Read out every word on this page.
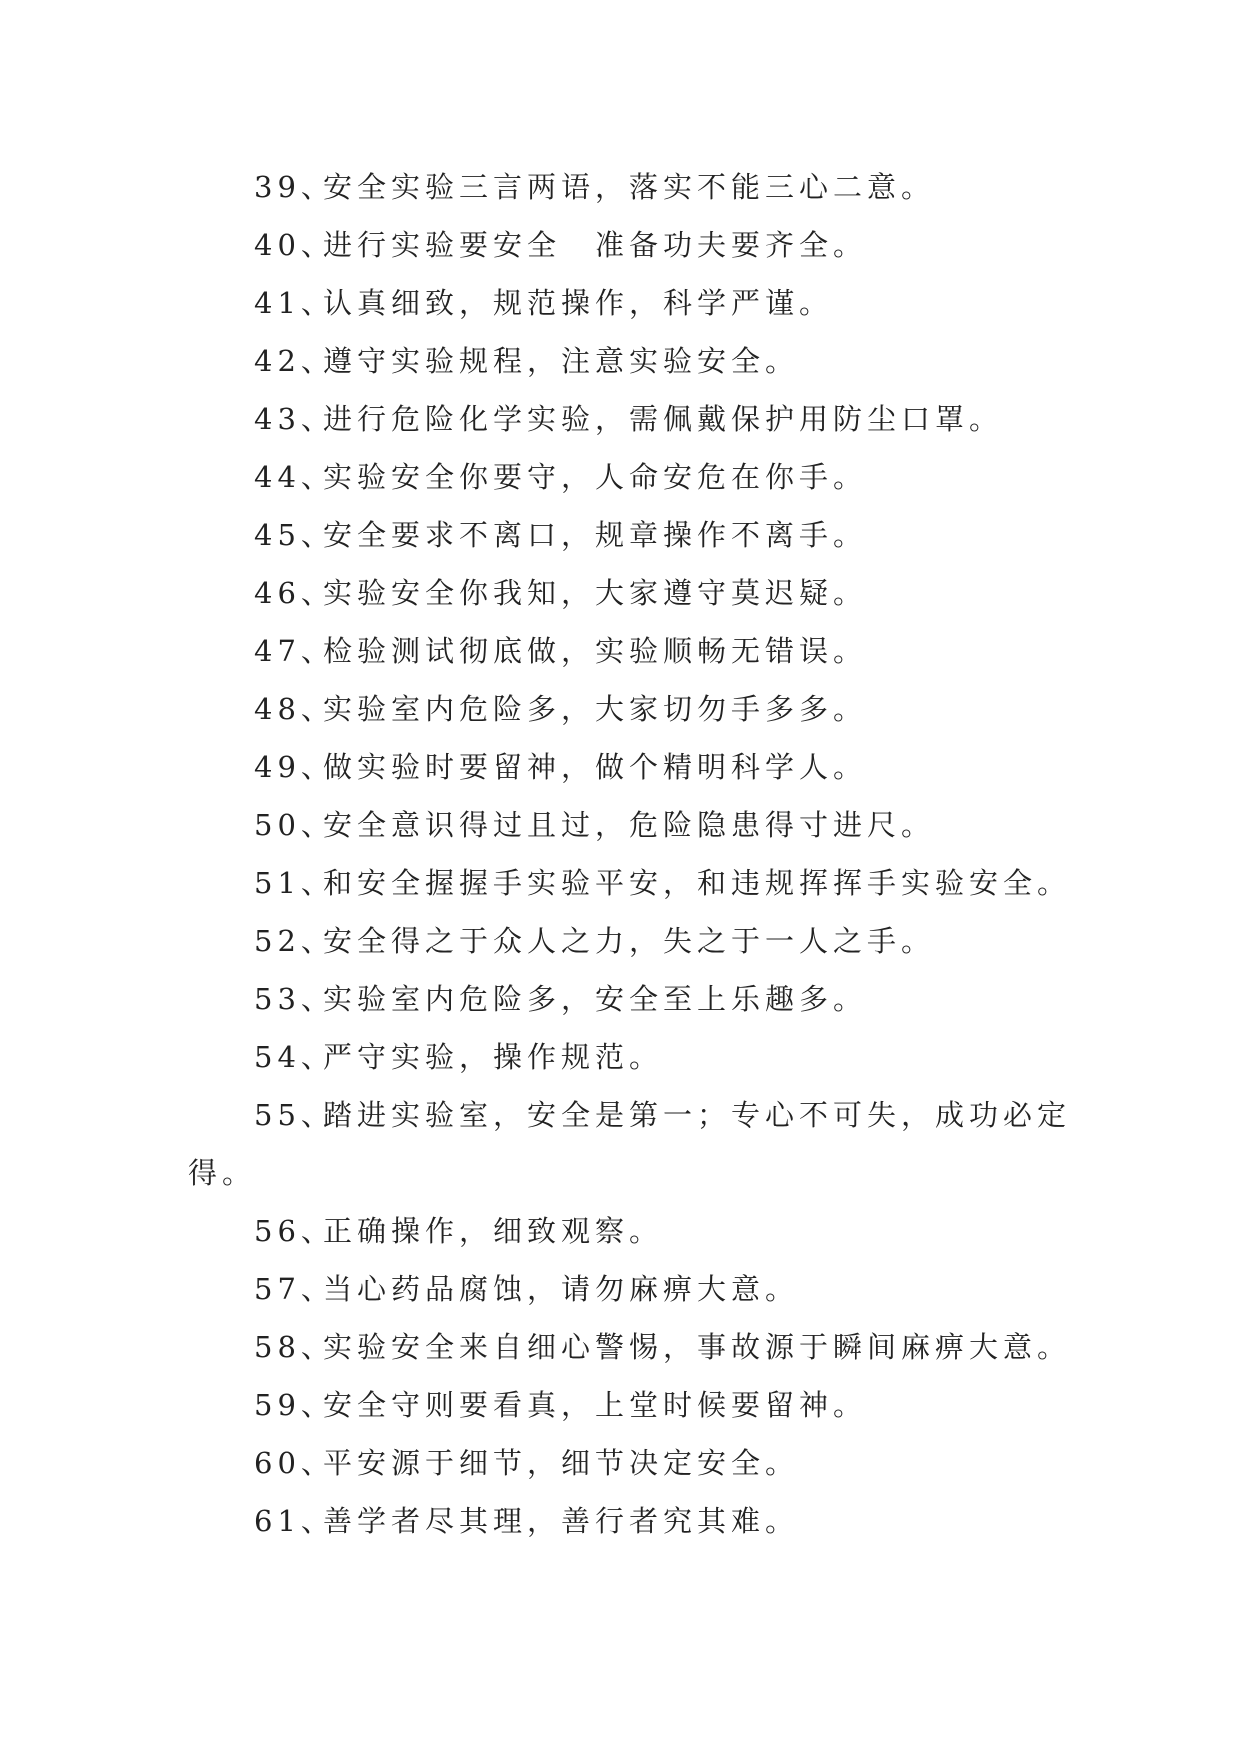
39、
安全实验三言两语，落实不能三心二意。
40、
进行实验要安全　准备功夫要齐全。
41、
认真细致，规范操作，科学严谨。
42、
遵守实验规程，注意实验安全。
43、
进行危险化学实验，需佩戴保护用防尘口罩。
44、
实验安全你要守，人命安危在你手。
45、
安全要求不离口，规章操作不离手。
46、
实验安全你我知，大家遵守莫迟疑。
47、
检验测试彻底做，实验顺畅无错误。
48、
实验室内危险多，大家切勿手多多。
49、
做实验时要留神，做个精明科学人。
50、
安全意识得过且过，危险隐患得寸进尺。
51、
和安全握握手实验平安，和违规挥挥手实验安全。
52、
安全得之于众人之力，失之于一人之手。
53、
实验室内危险多，安全至上乐趣多。
54、
严守实验，操作规范。
55、
踏进实验室，安全是第一；专心不可失，成功必定
得。
56、
正确操作，细致观察。
57、
当心药品腐蚀，请勿麻痹大意。
58、
实验安全来自细心警惕，事故源于瞬间麻痹大意。
59、
安全守则要看真，上堂时候要留神。
60、
平安源于细节，细节决定安全。
61、
善学者尽其理，善行者究其难。
